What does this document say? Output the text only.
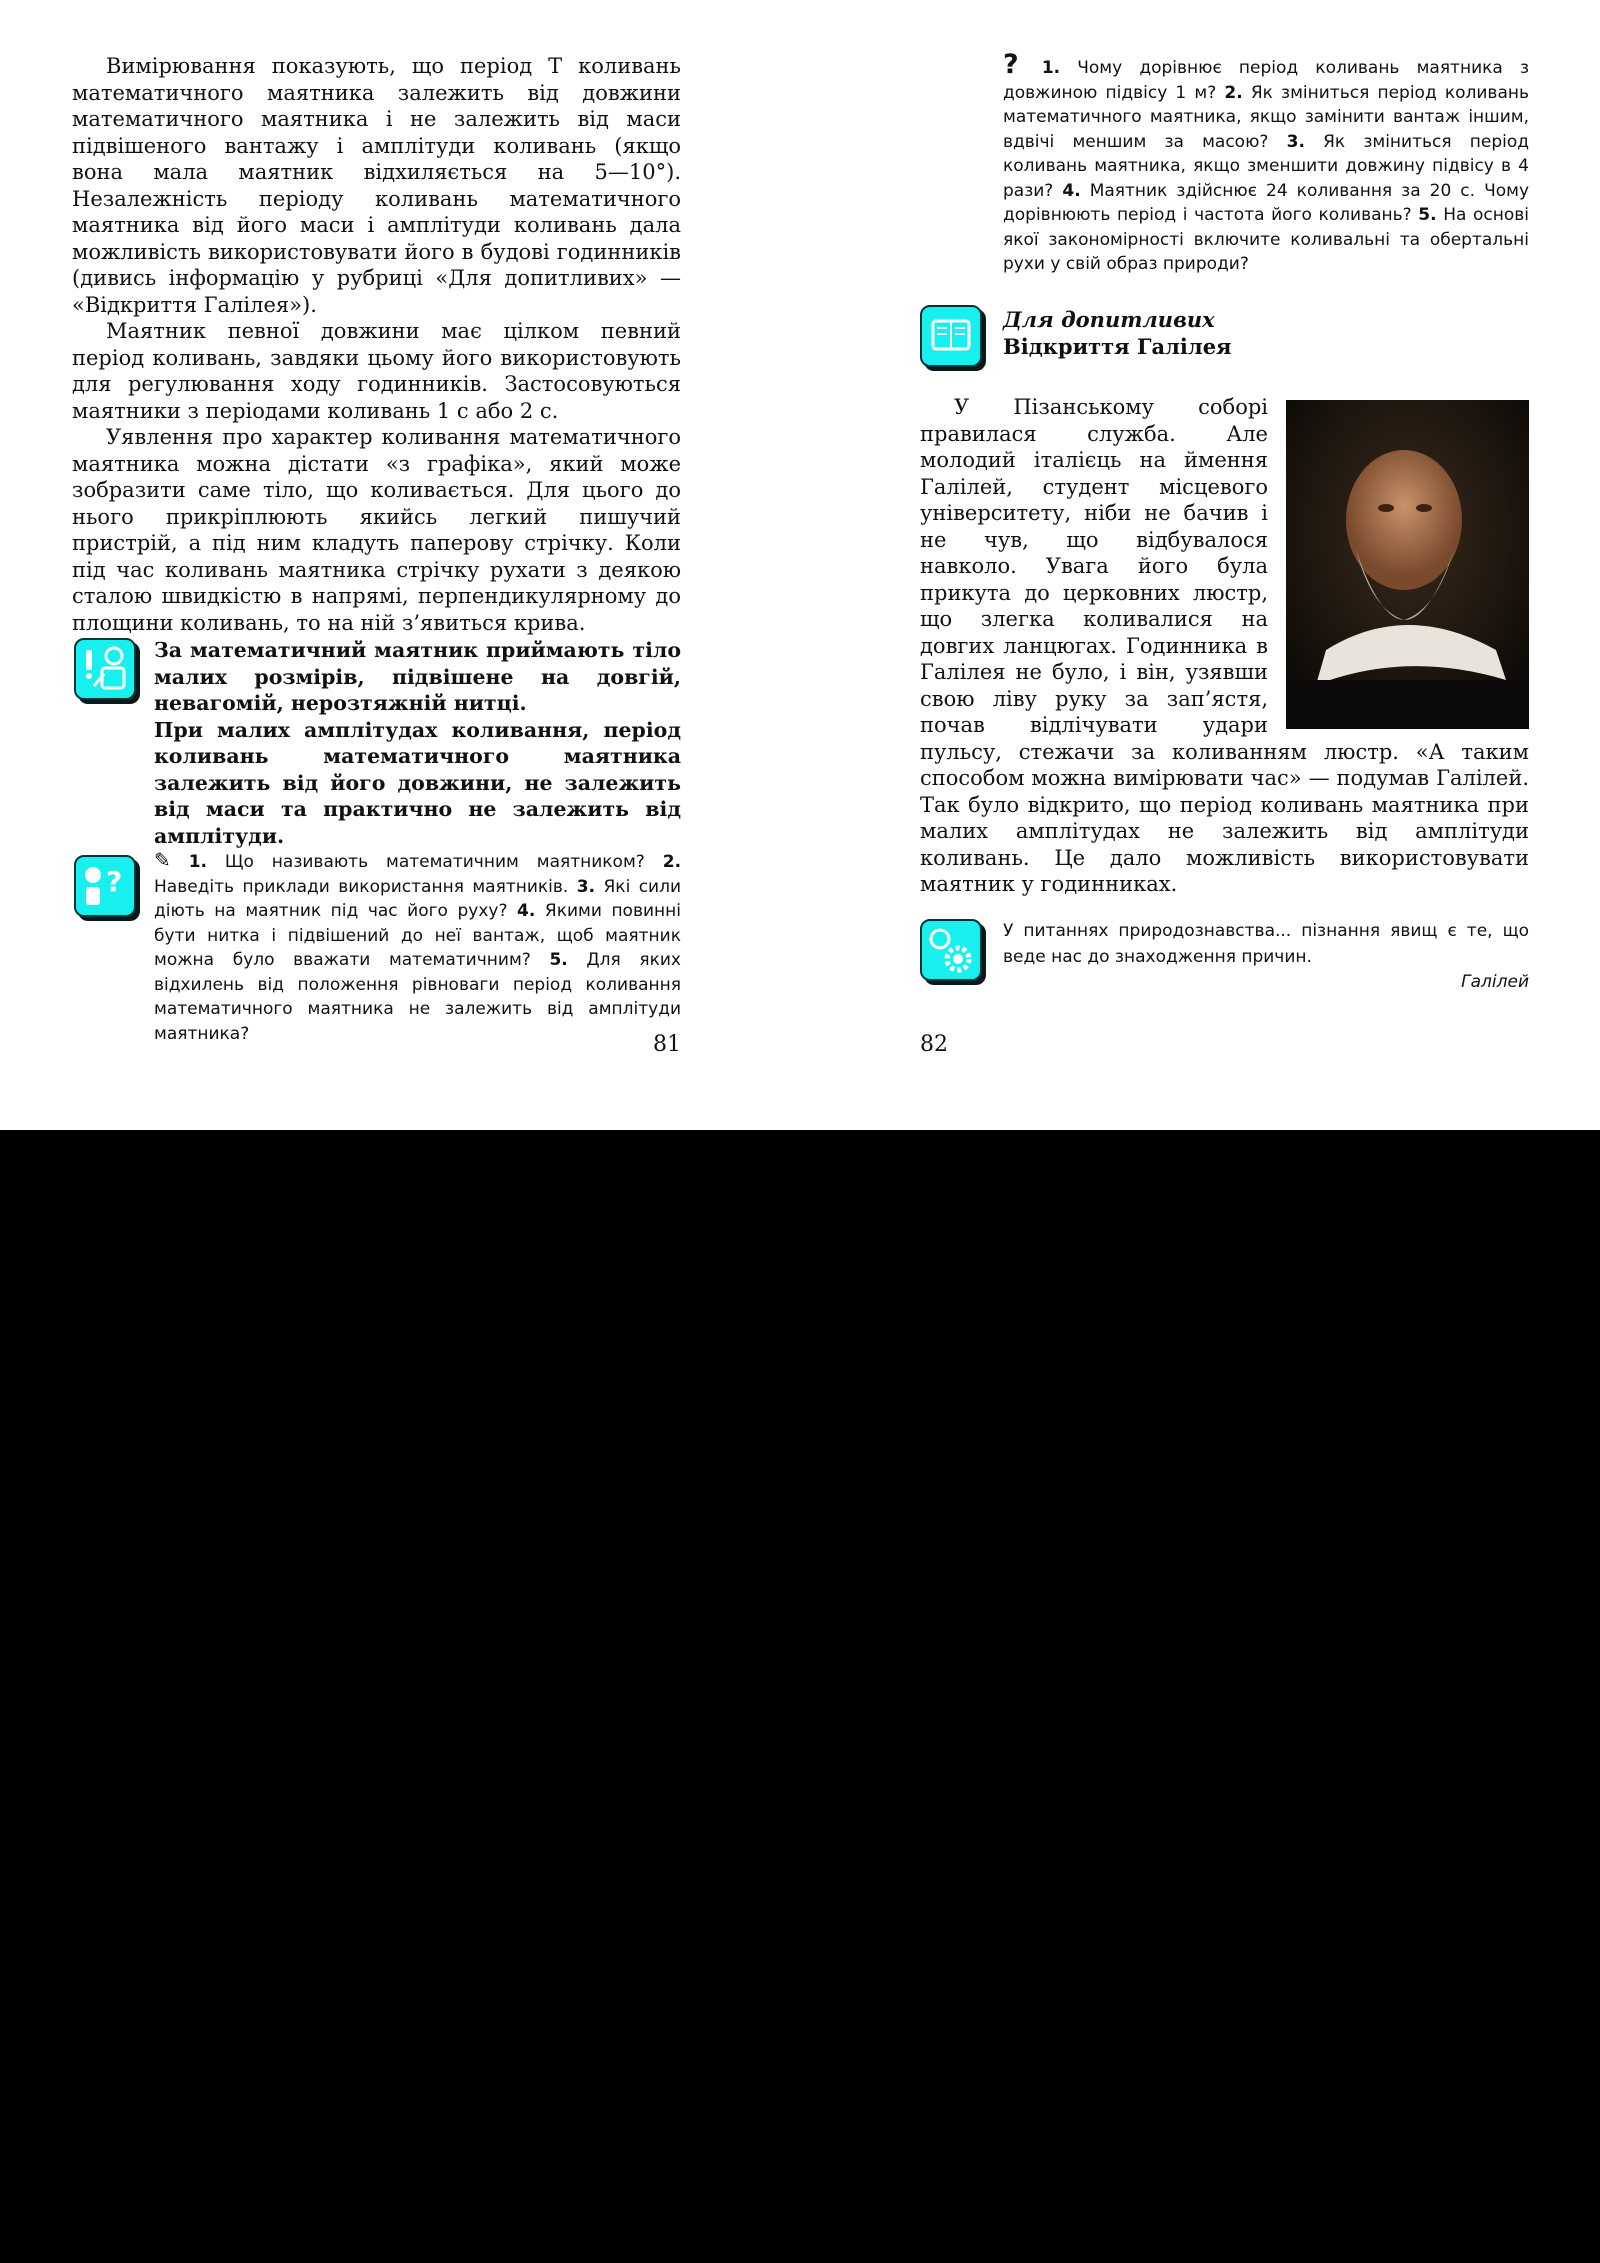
Вимірювання показують, що період T коливань математичного маятника залежить від довжини математичного маятника і не залежить від маси підвішеного вантажу і амплітуди коливань (якщо вона мала маятник відхиляється на 5—10°). Незалежність періоду коливань математичного маятника від його маси і амплітуди коливань дала можливість використовувати його в будові годинників (дивись інформацію у рубриці «Для допитливих» — «Відкриття Галілея»).

Маятник певної довжини має цілком певний період коливань, завдяки цьому його використовують для регулювання ходу годинників. Застосовуються маятники з періодами коливань 1 с або 2 с.

Уявлення про характер коливання математичного маятника можна дістати «з графіка», який може зобразити саме тіло, що коливається. Для цього до нього прикріплюють якийсь легкий пишучий пристрій, а під ним кладуть паперову стрічку. Коли під час коливань маятника стрічку рухати з деякою сталою швидкістю в напрямі, перпендикулярному до площини коливань, то на ній з’явиться крива.

За математичний маятник приймають тіло малих розмірів, підвішене на довгій, невагомій, нерозтяжній нитці.

При малих амплітудах коливання, період коливань математичного маятника залежить від його довжини, не залежить від маси та практично не залежить від амплітуди.

?
✎ 1. Що називають математичним маятником? 2. Наведіть приклади використання маятників. 3. Які сили діють на маятник під час його руху? 4. Якими повинні бути нитка і підвішений до неї вантаж, щоб маятник можна було вважати математичним? 5. Для яких відхилень від положення рівноваги період коливання математичного маятника не залежить від амплітуди маятника?	81
? 1. Чому дорівнює період коливань маятника з довжиною підвісу 1 м? 2. Як зміниться період коливань математичного маятника, якщо замінити вантаж іншим, вдвічі меншим за масою? 3. Як зміниться період коливань маятника, якщо зменшити довжину підвісу в 4 рази? 4. Маятник здійснює 24 коливання за 20 с. Чому дорівнюють період і частота його коливань? 5. На основі якої закономірності включите коливальні та обертальні рухи у свій образ природи?
Для допитливих
Відкриття Галілея

У Пізанському соборі правилася служба. Але молодий італієць на ймення Галілей, студент місцевого університету, ніби не бачив і не чув, що відбувалося навколо. Увага його була прикута до церковних люстр, що злегка коливалися на довгих ланцюгах. Годинника в Галілея не було, і він, узявши свою ліву руку за зап’ястя, почав відлічувати удари пульсу, стежачи за коливанням люстр. «А таким способом можна вимірювати час» — подумав Галілей. Так було відкрито, що період коливань маятника при малих амплітудах не залежить від амплітуди коливань. Це дало можливість використовувати маятник у годинниках.

У питаннях природознавства... пізнання явищ є те, що веде нас до знаходження причин.
Галілей
82
